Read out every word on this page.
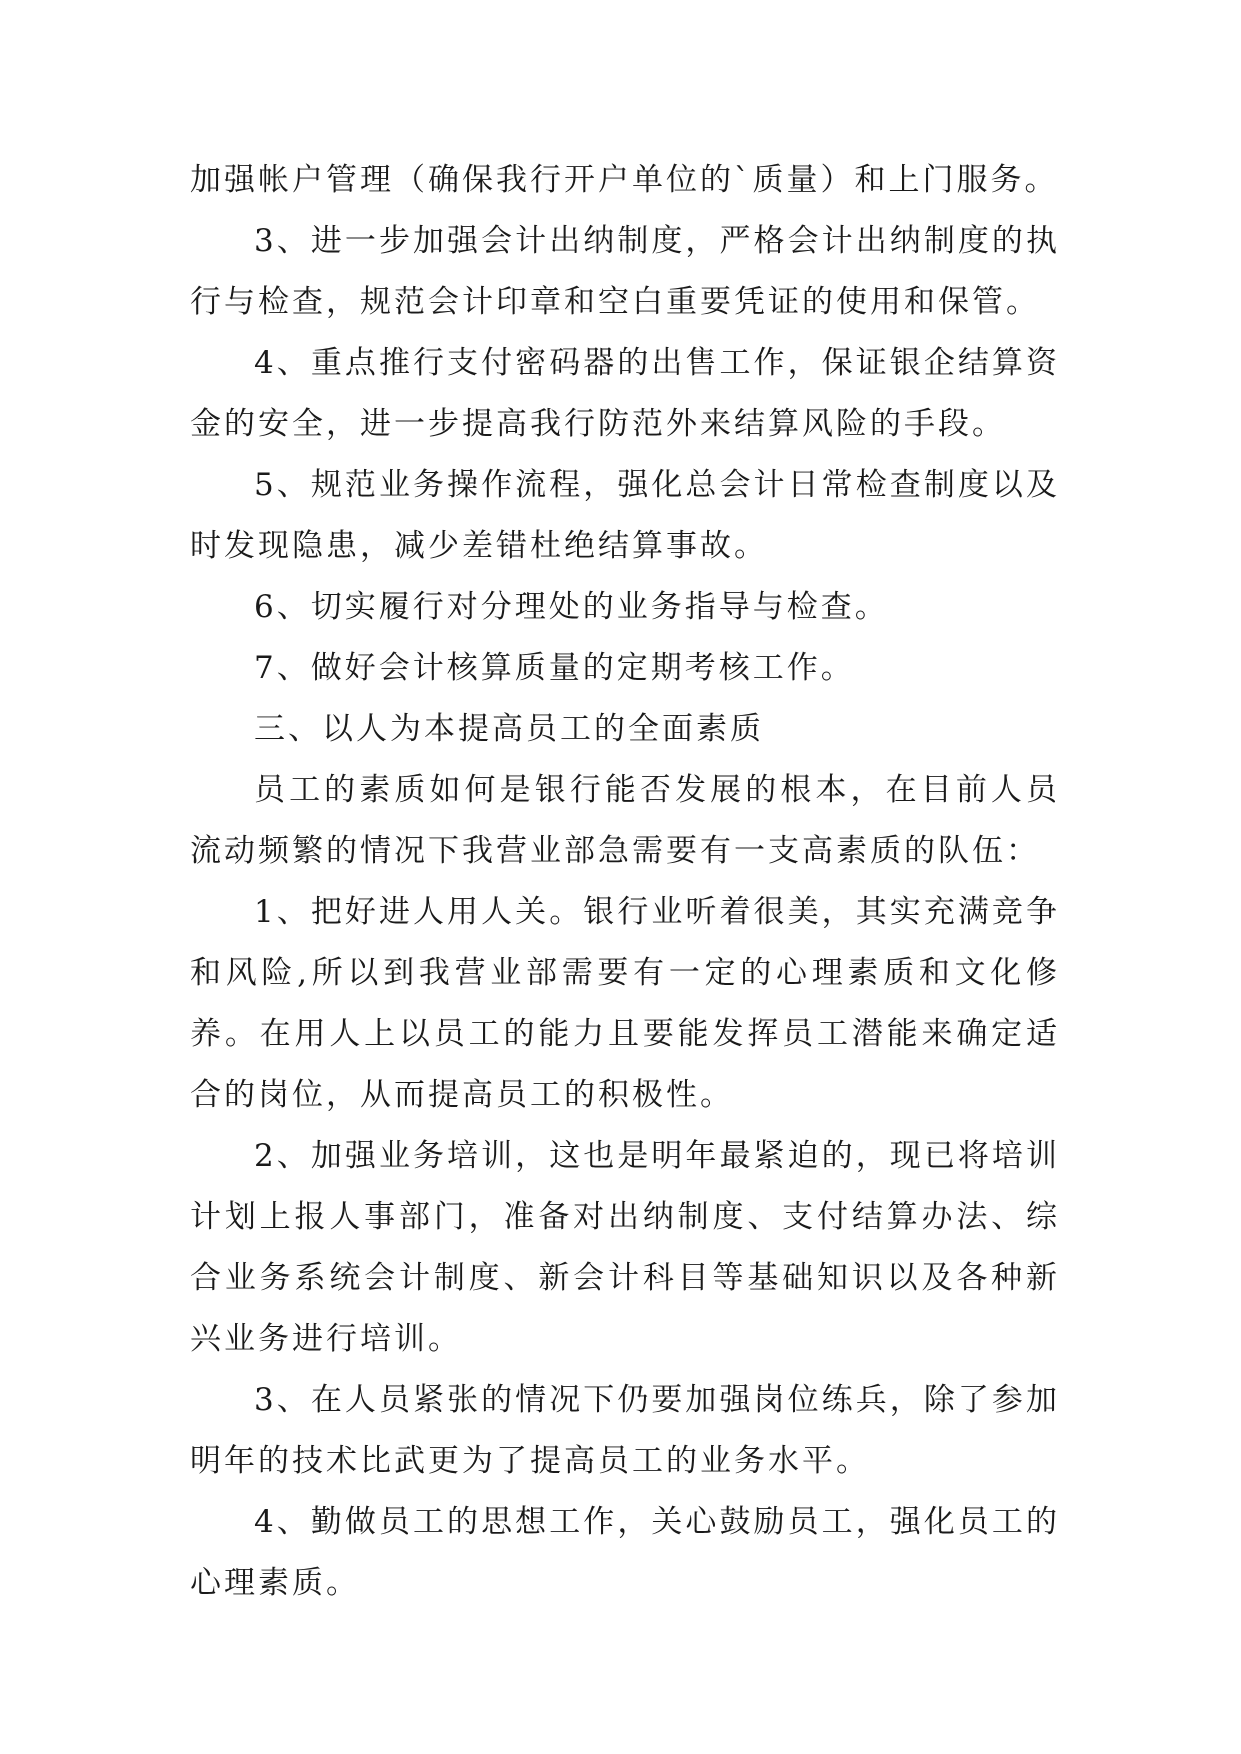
加强帐户管理（确保我行开户单位的`质量）和上门服务。

3、进一步加强会计出纳制度，严格会计出纳制度的执行与检查，规范会计印章和空白重要凭证的使用和保管。

4、重点推行支付密码器的出售工作，保证银企结算资金的安全，进一步提高我行防范外来结算风险的手段。

5、规范业务操作流程，强化总会计日常检查制度以及时发现隐患，减少差错杜绝结算事故。

6、切实履行对分理处的业务指导与检查。

7、做好会计核算质量的定期考核工作。

三、以人为本提高员工的全面素质

员工的素质如何是银行能否发展的根本，在目前人员流动频繁的情况下我营业部急需要有一支高素质的队伍：

1、把好进人用人关。银行业听着很美，其实充满竞争和风险,所以到我营业部需要有一定的心理素质和文化修养。在用人上以员工的能力且要能发挥员工潜能来确定适合的岗位，从而提高员工的积极性。

2、加强业务培训，这也是明年最紧迫的，现已将培训计划上报人事部门，准备对出纳制度、支付结算办法、综合业务系统会计制度、新会计科目等基础知识以及各种新兴业务进行培训。

3、在人员紧张的情况下仍要加强岗位练兵，除了参加明年的技术比武更为了提高员工的业务水平。

4、勤做员工的思想工作，关心鼓励员工，强化员工的心理素质。
